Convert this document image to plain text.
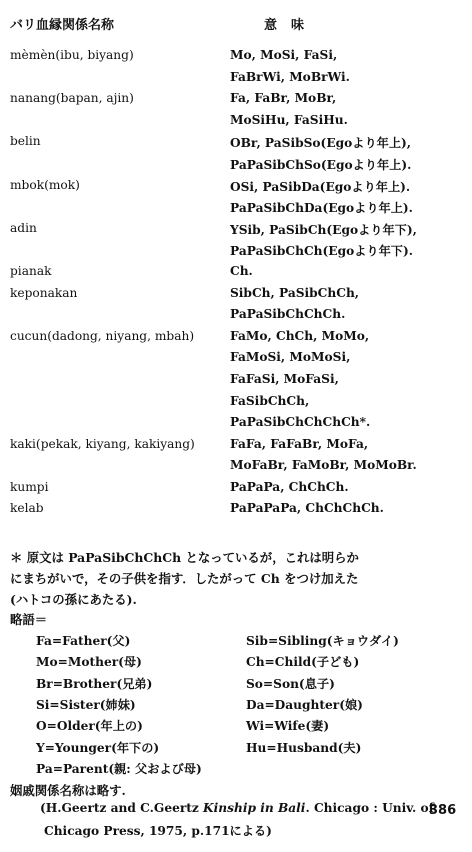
バリ血縁関係名称	意味
mèmèn(ibu, biyang)	Mo, MoSi, FaSi,
FaBrWi, MoBrWi.
nanang(bapan, ajin)	Fa, FaBr, MoBr,
MoSiHu, FaSiHu.
belin	OBr, PaSibSo(Egoより年上),
PaPaSibChSo(Egoより年上).
mbok(mok)	OSi, PaSibDa(Egoより年上).
PaPaSibChDa(Egoより年上).
adin	YSib, PaSibCh(Egoより年下),
PaPaSibChCh(Egoより年下).
pianak	Ch.
keponakan	SibCh, PaSibChCh,
PaPaSibChChCh.
cucun(dadong, niyang, mbah)	FaMo, ChCh, MoMo,
FaMoSi, MoMoSi,
FaFaSi, MoFaSi,
FaSibChCh,
PaPaSibChChChCh*.
kaki(pekak, kiyang, kakiyang)	FaFa, FaFaBr, MoFa,
MoFaBr, FaMoBr, MoMoBr.
kumpi	PaPaPa, ChChCh.
kelab	PaPaPaPa, ChChChCh.
＊ 原文は PaPaSibChChCh となっているが，これは明らか
にまちがいで，その子供を指す．したがって Ch をつけ加えた
(ハトコの孫にあたる).
略語＝
Fa=Father(父)	Sib=Sibling(キョウダイ)
Mo=Mother(母)	Ch=Child(子ども)
Br=Brother(兄弟)	So=Son(息子)
Si=Sister(姉妹)	Da=Daughter(娘)
O=Older(年上の)	Wi=Wife(妻)
Y=Younger(年下の)	Hu=Husband(夫)
Pa=Parent(親: 父および母)
姻戚関係名称は略す.
(H.Geertz and C.Geertz Kinship in Bali. Chicago : Univ. of
Chicago Press, 1975, p.171による)
386
